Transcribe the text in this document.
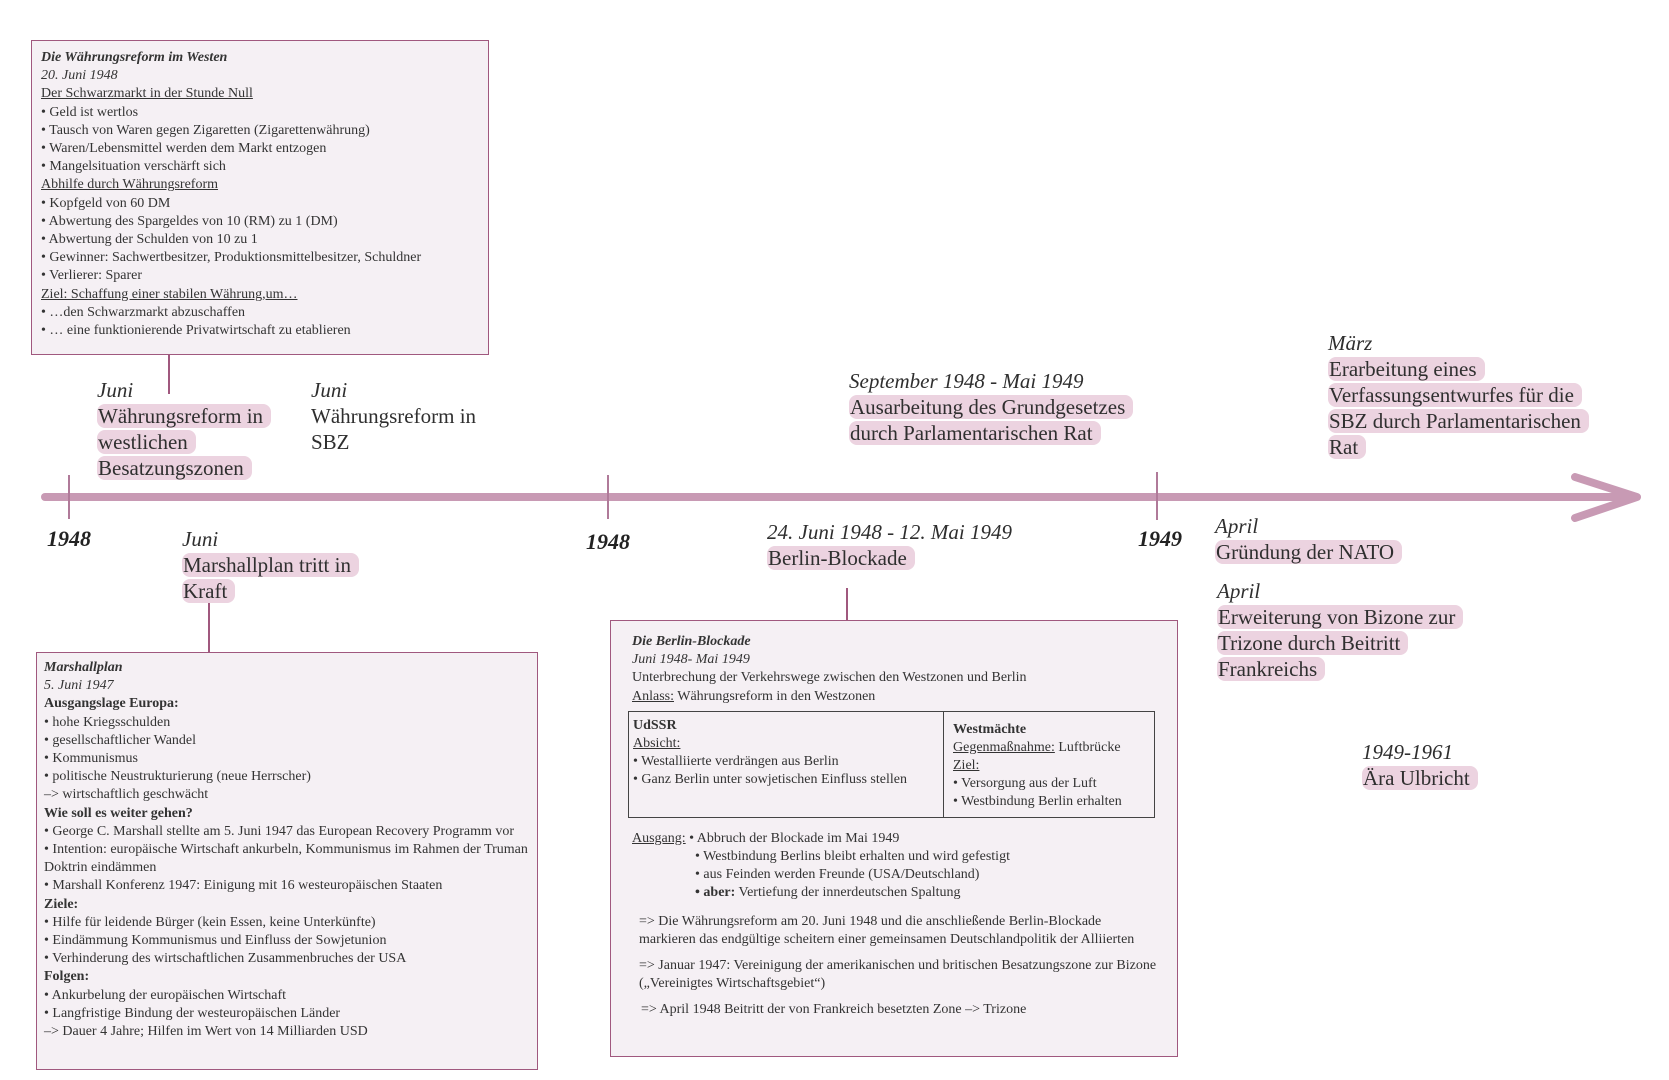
1948	1948	1949
Die Währungsreform im Westen
20. Juni 1948
Der Schwarzmarkt in der Stunde Null
• Geld ist wertlos
• Tausch von Waren gegen Zigaretten (Zigarettenwährung)
• Waren/Lebensmittel werden dem Markt entzogen
• Mangelsituation verschärft sich
Abhilfe durch Währungsreform
• Kopfgeld von 60 DM
• Abwertung des Spargeldes von 10 (RM) zu 1 (DM)
• Abwertung der Schulden von 10 zu 1
• Gewinner: Sachwertbesitzer, Produktionsmittelbesitzer, Schuldner
• Verlierer: Sparer
Ziel: Schaffung einer stabilen Währung,um…
• …den Schwarzmarkt abzuschaffen
• … eine funktionierende Privatwirtschaft zu etablieren
Marshallplan
5. Juni 1947
Ausgangslage Europa:
• hohe Kriegsschulden
• gesellschaftlicher Wandel
• Kommunismus
• politische Neustrukturierung (neue Herrscher)
–> wirtschaftlich geschwächt
Wie soll es weiter gehen?
• George C. Marshall stellte am 5. Juni 1947 das European Recovery Programm vor
• Intention: europäische Wirtschaft ankurbeln, Kommunismus im Rahmen der Truman Doktrin eindämmen
• Marshall Konferenz 1947: Einigung mit 16 westeuropäischen Staaten
Ziele:
• Hilfe für leidende Bürger (kein Essen, keine Unterkünfte)
• Eindämmung Kommunismus und Einfluss der Sowjetunion
• Verhinderung des wirtschaftlichen Zusammenbruches der USA
Folgen:
• Ankurbelung der europäischen Wirtschaft
• Langfristige Bindung der westeuropäischen Länder
–> Dauer 4 Jahre; Hilfen im Wert von 14 Milliarden USD
Die Berlin-Blockade
Juni 1948- Mai 1949
Unterbrechung der Verkehrswege zwischen den Westzonen und Berlin
Anlass: Währungsreform in den Westzonen
UdSSR
Absicht:
• Westalliierte verdrängen aus Berlin
• Ganz Berlin unter sowjetischen Einfluss stellen

Westmächte
Gegenmaßnahme: Luftbrücke
Ziel:
• Versorgung aus der Luft
• Westbindung Berlin erhalten
Ausgang: • Abbruch der Blockade im Mai 1949
• Westbindung Berlins bleibt erhalten und wird gefestigt
• aus Feinden werden Freunde (USA/Deutschland)
• aber: Vertiefung der innerdeutschen Spaltung
=> Die Währungsreform am 20. Juni 1948 und die anschließende Berlin-Blockade markieren das endgültige scheitern einer gemeinsamen Deutschlandpolitik der Alliierten
=> Januar 1947: Vereinigung der amerikanischen und britischen Besatzungszone zur Bizone („Vereinigtes Wirtschaftsgebiet“)
=> April 1948 Beitritt der von Frankreich besetzten Zone –> Trizone
Juni
Währungsreform in westlichen Besatzungszonen
Juni
Währungsreform in SBZ
September 1948 - Mai 1949
Ausarbeitung des Grundgesetzes durch Parlamentarischen Rat
März
Erarbeitung eines Verfassungsentwurfes für die SBZ durch Parlamentarischen Rat
Juni
Marshallplan tritt in Kraft
24. Juni 1948 - 12. Mai 1949
Berlin-Blockade
April
Gründung der NATO
April
Erweiterung von Bizone zur Trizone durch Beitritt Frankreichs
1949-1961
Ära Ulbricht
